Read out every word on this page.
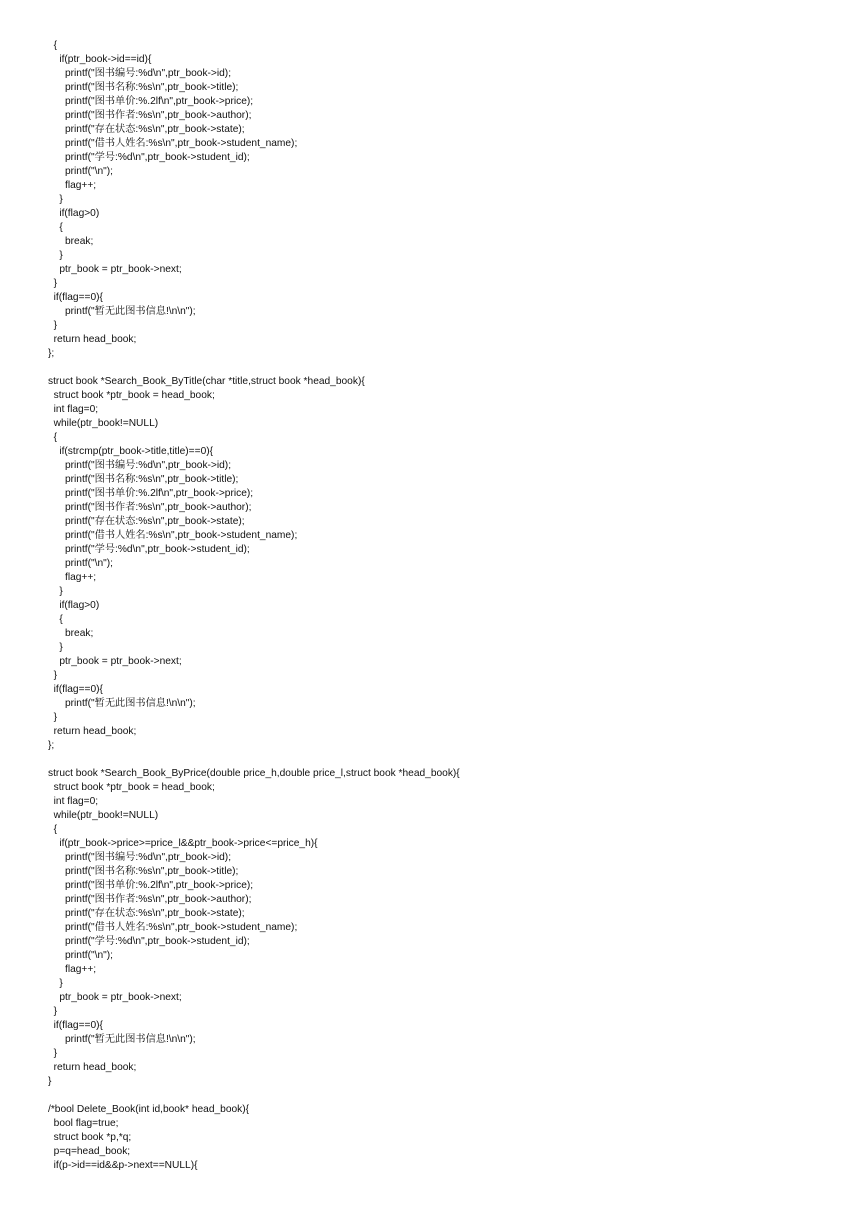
{
if(ptr_book->id==id){
printf("图书编号:%d\n",ptr_book->id);
printf("图书名称:%s\n",ptr_book->title);
printf("图书单价:%.2lf\n",ptr_book->price);
printf("图书作者:%s\n",ptr_book->author);
printf("存在状态:%s\n",ptr_book->state);
printf("借书人姓名:%s\n",ptr_book->student_name);
printf("学号:%d\n",ptr_book->student_id);
printf("\n");
flag++;
}
if(flag>0)
{
break;
}
ptr_book = ptr_book->next;
}
if(flag==0){
printf("暂无此图书信息!\n\n");
}
return head_book;
};
struct book *Search_Book_ByTitle(char *title,struct book *head_book){
struct book *ptr_book = head_book;
int flag=0;
while(ptr_book!=NULL)
{
if(strcmp(ptr_book->title,title)==0){
printf("图书编号:%d\n",ptr_book->id);
printf("图书名称:%s\n",ptr_book->title);
printf("图书单价:%.2lf\n",ptr_book->price);
printf("图书作者:%s\n",ptr_book->author);
printf("存在状态:%s\n",ptr_book->state);
printf("借书人姓名:%s\n",ptr_book->student_name);
printf("学号:%d\n",ptr_book->student_id);
printf("\n");
flag++;
}
if(flag>0)
{
break;
}
ptr_book = ptr_book->next;
}
if(flag==0){
printf("暂无此图书信息!\n\n");
}
return head_book;
};
struct book *Search_Book_ByPrice(double price_h,double price_l,struct book *head_book){
struct book *ptr_book = head_book;
int flag=0;
while(ptr_book!=NULL)
{
if(ptr_book->price>=price_l&&ptr_book->price<=price_h){
printf("图书编号:%d\n",ptr_book->id);
printf("图书名称:%s\n",ptr_book->title);
printf("图书单价:%.2lf\n",ptr_book->price);
printf("图书作者:%s\n",ptr_book->author);
printf("存在状态:%s\n",ptr_book->state);
printf("借书人姓名:%s\n",ptr_book->student_name);
printf("学号:%d\n",ptr_book->student_id);
printf("\n");
flag++;
}
ptr_book = ptr_book->next;
}
if(flag==0){
printf("暂无此图书信息!\n\n");
}
return head_book;
}
/*bool Delete_Book(int id,book* head_book){
bool flag=true;
struct book *p,*q;
p=q=head_book;
if(p->id==id&&p->next==NULL){
